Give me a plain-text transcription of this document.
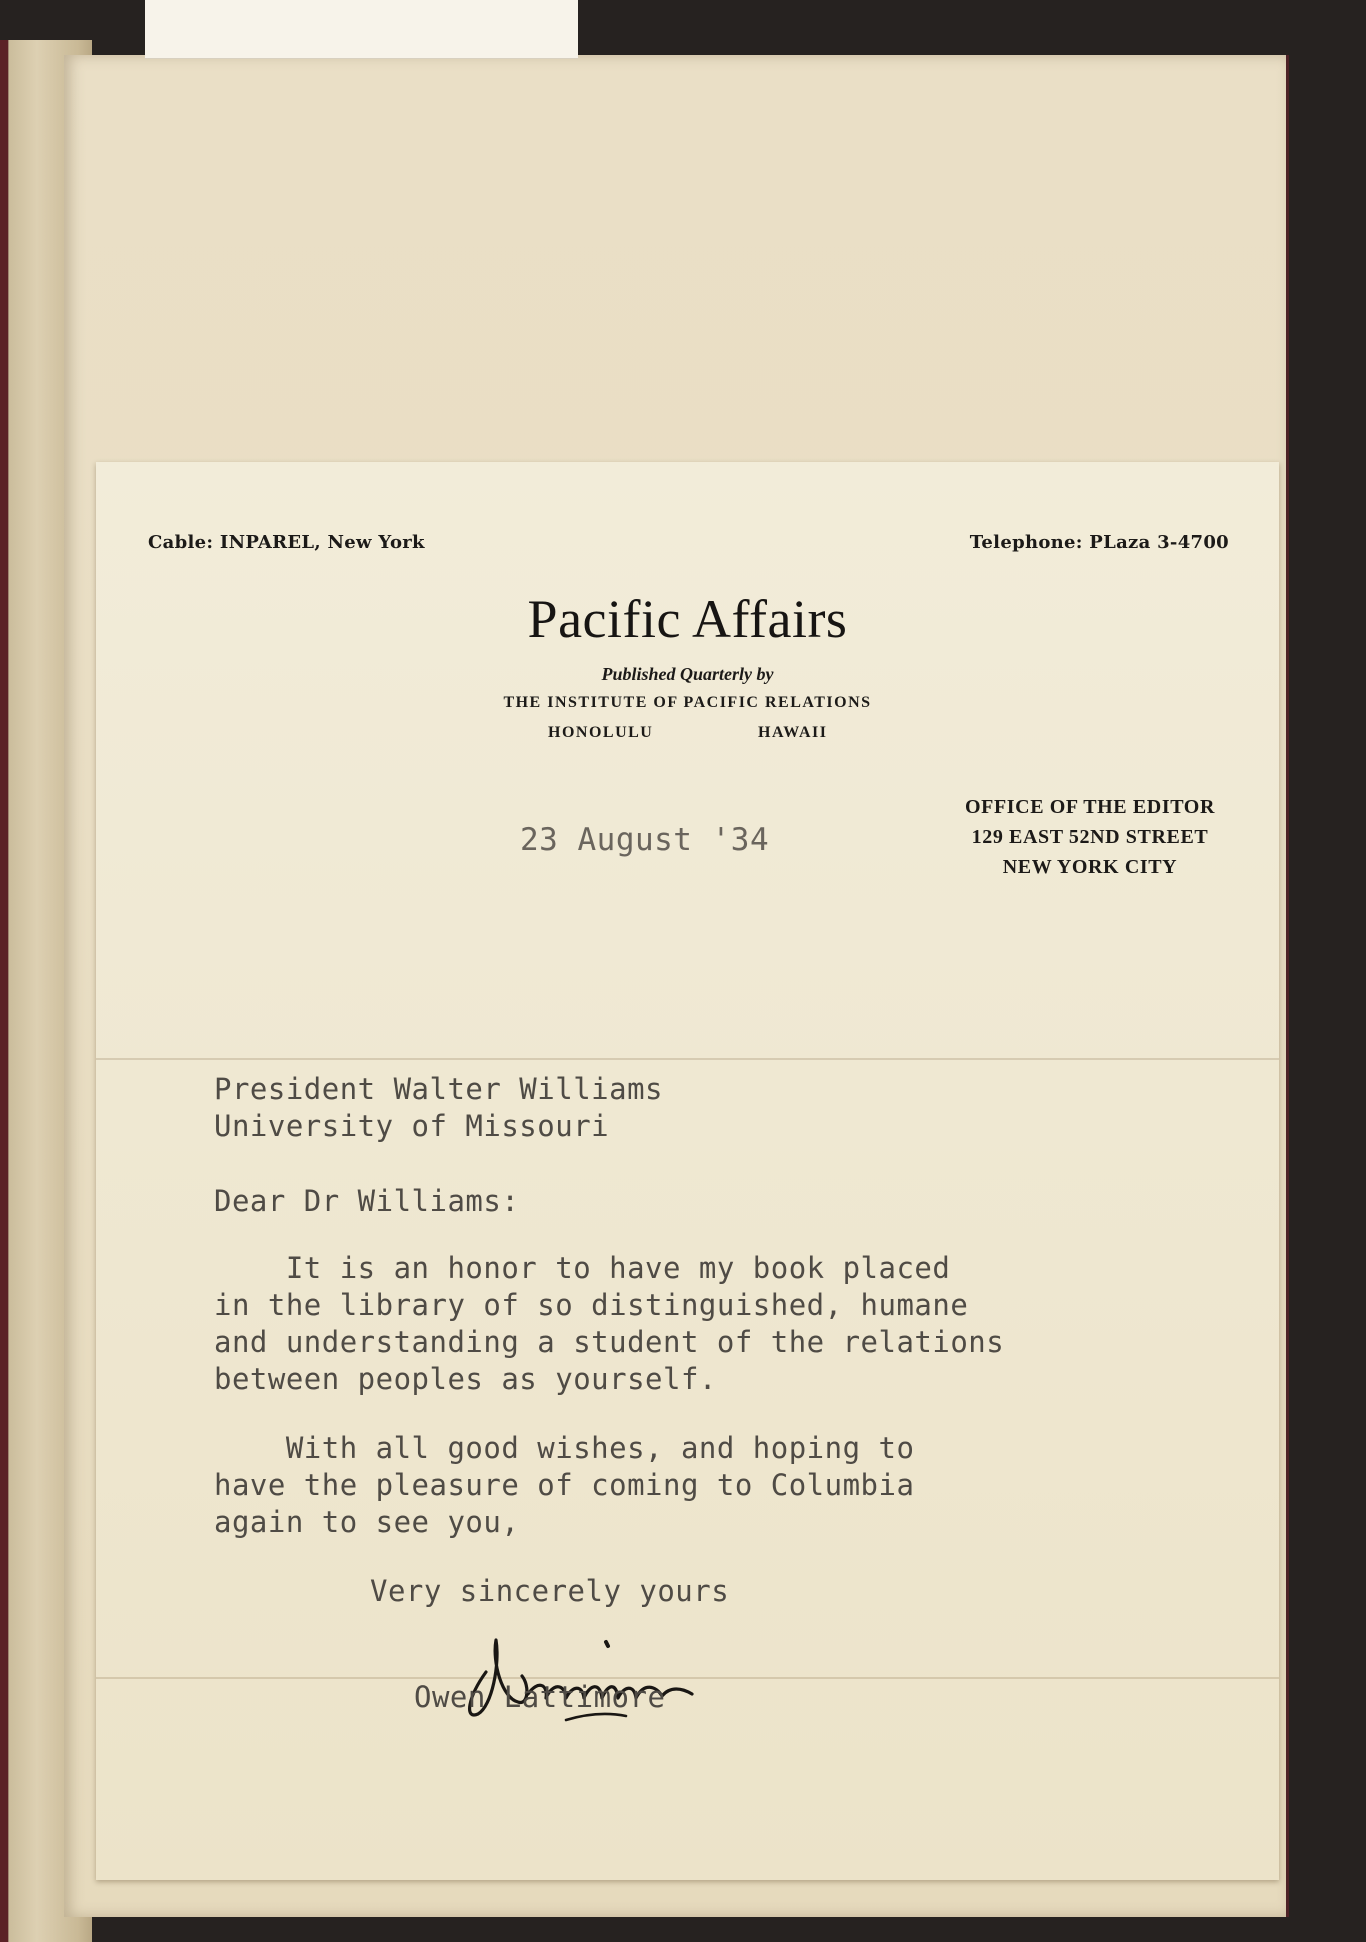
Cable: INPAREL, New York	Telephone: PLaza 3-4700
Pacific Affairs
Published Quarterly by
THE INSTITUTE OF PACIFIC RELATIONS
HONOLULU	HAWAII
OFFICE OF THE EDITOR
129 EAST 52ND STREET
NEW YORK CITY
23 August '34
President Walter Williams
University of Missouri
Dear Dr Williams:
It is an honor to have my book placed
in the library of so distinguished, humane
and understanding a student of the relations
between peoples as yourself.
With all good wishes, and hoping to
have the pleasure of coming to Columbia
again to see you,
Very sincerely yours
Owen Lattimore
